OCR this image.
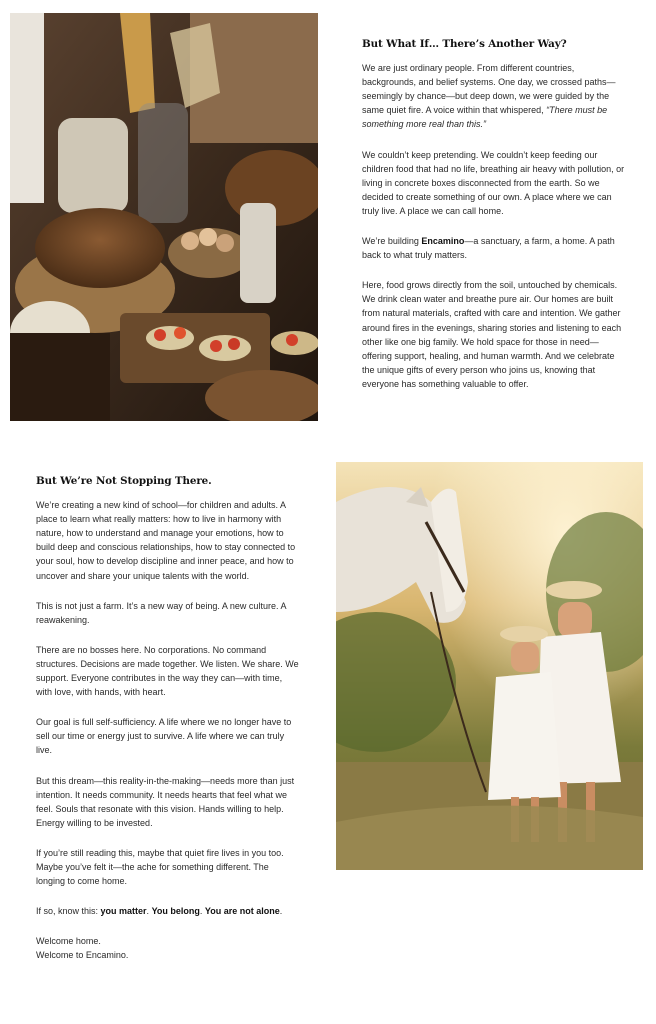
But What If… There’s Another Way?

We are just ordinary people. From different countries, backgrounds, and belief systems. One day, we crossed paths—seemingly by chance—but deep down, we were guided by the same quiet fire. A voice within that whispered, “There must be something more real than this.”

We couldn’t keep pretending. We couldn’t keep feeding our children food that had no life, breathing air heavy with pollution, or living in concrete boxes disconnected from the earth. So we decided to create something of our own. A place where we can truly live. A place we can call home.

We’re building Encamino—a sanctuary, a farm, a home. A path back to what truly matters.

Here, food grows directly from the soil, untouched by chemicals. We drink clean water and breathe pure air. Our homes are built from natural materials, crafted with care and intention. We gather around fires in the evenings, sharing stories and listening to each other like one big family. We hold space for those in need—offering support, healing, and human warmth. And we celebrate the unique gifts of every person who joins us, knowing that everyone has something valuable to offer.

But We’re Not Stopping There.

We’re creating a new kind of school—for children and adults. A place to learn what really matters: how to live in harmony with nature, how to understand and manage your emotions, how to build deep and conscious relationships, how to stay connected to your soul, how to develop discipline and inner peace, and how to uncover and share your unique talents with the world.

This is not just a farm. It’s a new way of being. A new culture. A reawakening.

There are no bosses here. No corporations. No command structures. Decisions are made together. We listen. We share. We support. Everyone contributes in the way they can—with time, with love, with hands, with heart.

Our goal is full self-sufficiency. A life where we no longer have to sell our time or energy just to survive. A life where we can truly live.

But this dream—this reality-in-the-making—needs more than just intention. It needs community. It needs hearts that feel what we feel. Souls that resonate with this vision. Hands willing to help. Energy willing to be invested.

If you’re still reading this, maybe that quiet fire lives in you too. Maybe you’ve felt it—the ache for something different. The longing to come home.

If so, know this: you matter. You belong. You are not alone.

Welcome home.
Welcome to Encamino.
